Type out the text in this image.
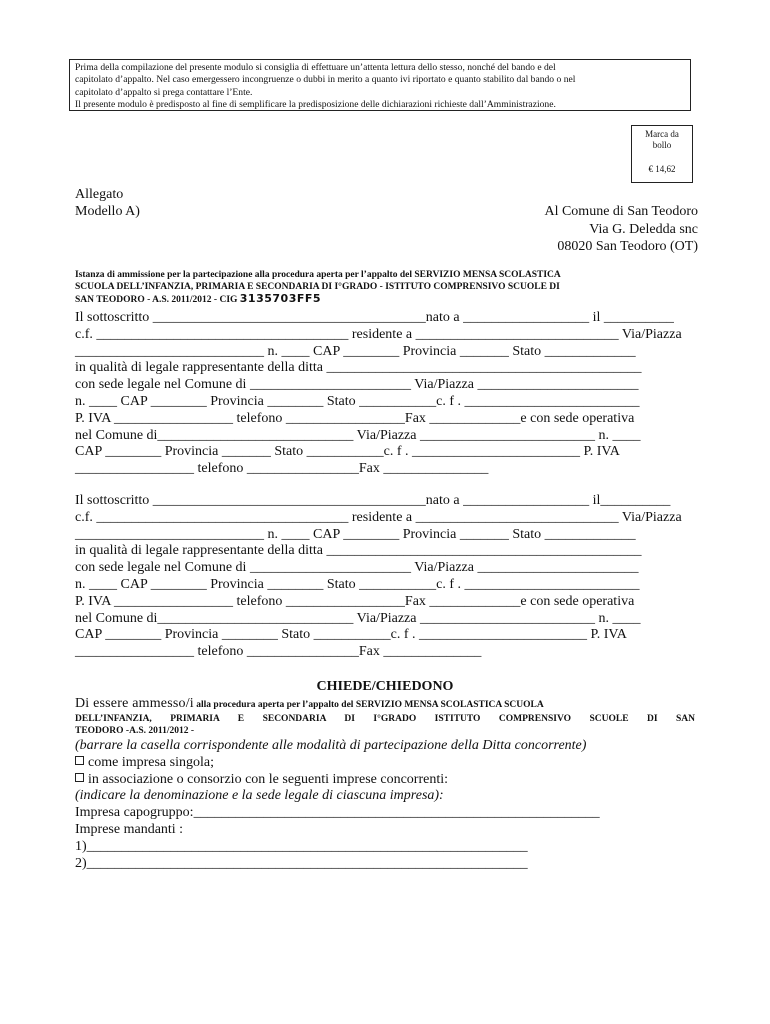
Prima della compilazione del presente modulo si consiglia di effettuare un’attenta lettura dello stesso, nonché del bando e del
capitolato d’appalto. Nel caso emergessero incongruenze o dubbi in merito a quanto ivi riportato e quanto stabilito dal bando o nel
capitolato d’appalto si prega contattare l’Ente.
Il presente modulo è predisposto al fine di semplificare la predisposizione delle dichiarazioni richieste dall’Amministrazione.
Marca da
bollo
€ 14,62
Allegato
Modello A)	Al Comune di San Teodoro
Via G. Deledda snc
08020 San Teodoro (OT)
Istanza di ammissione per la partecipazione alla procedura aperta per l’appalto del SERVIZIO MENSA SCOLASTICA
SCUOLA DELL’INFANZIA, PRIMARIA E SECONDARIA DI I°GRADO - ISTITUTO COMPRENSIVO SCUOLE DI
SAN TEODORO - A.S. 2011/2012 - CIG 3135703FF5
Il sottoscritto _______________________________________nato a __________________ il __________
c.f. ____________________________________ residente a _____________________________ Via/Piazza
___________________________ n. ____ CAP ________ Provincia _______ Stato _____________
in qualità di legale rappresentante della ditta _____________________________________________
con sede legale nel Comune di _______________________ Via/Piazza _______________________
n. ____ CAP ________ Provincia ________ Stato ___________c. f . _________________________
P. IVA _________________ telefono _________________Fax _____________e con sede operativa
nel Comune di____________________________ Via/Piazza _________________________ n. ____
CAP ________ Provincia _______ Stato ___________c. f . ________________________ P. IVA
_________________ telefono ________________Fax _______________
Il sottoscritto _______________________________________nato a __________________ il__________
c.f. ____________________________________ residente a _____________________________ Via/Piazza
___________________________ n. ____ CAP ________ Provincia _______ Stato _____________
in qualità di legale rappresentante della ditta _____________________________________________
con sede legale nel Comune di _______________________ Via/Piazza _______________________
n. ____ CAP ________ Provincia ________ Stato ___________c. f . _________________________
P. IVA _________________ telefono _________________Fax _____________e con sede operativa
nel Comune di____________________________ Via/Piazza _________________________ n. ____
CAP ________ Provincia ________ Stato ___________c. f . ________________________ P. IVA
_________________ telefono ________________Fax ______________
CHIEDE/CHIEDONO
Di essere ammesso/i alla procedura aperta per l’appalto del SERVIZIO MENSA SCOLASTICA SCUOLA
DELL’INFANZIA, PRIMARIA E SECONDARIA DI I°GRADO ISTITUTO COMPRENSIVO SCUOLE DI SAN
TEODORO -A.S. 2011/2012 -
(barrare la casella corrispondente alle modalità di partecipazione della Ditta concorrente)
come impresa singola;
in associazione o consorzio con le seguenti imprese concorrenti:
(indicare la denominazione e la sede legale di ciascuna impresa):
Impresa capogruppo:__________________________________________________________
Imprese mandanti :
1)_______________________________________________________________
2)_______________________________________________________________
